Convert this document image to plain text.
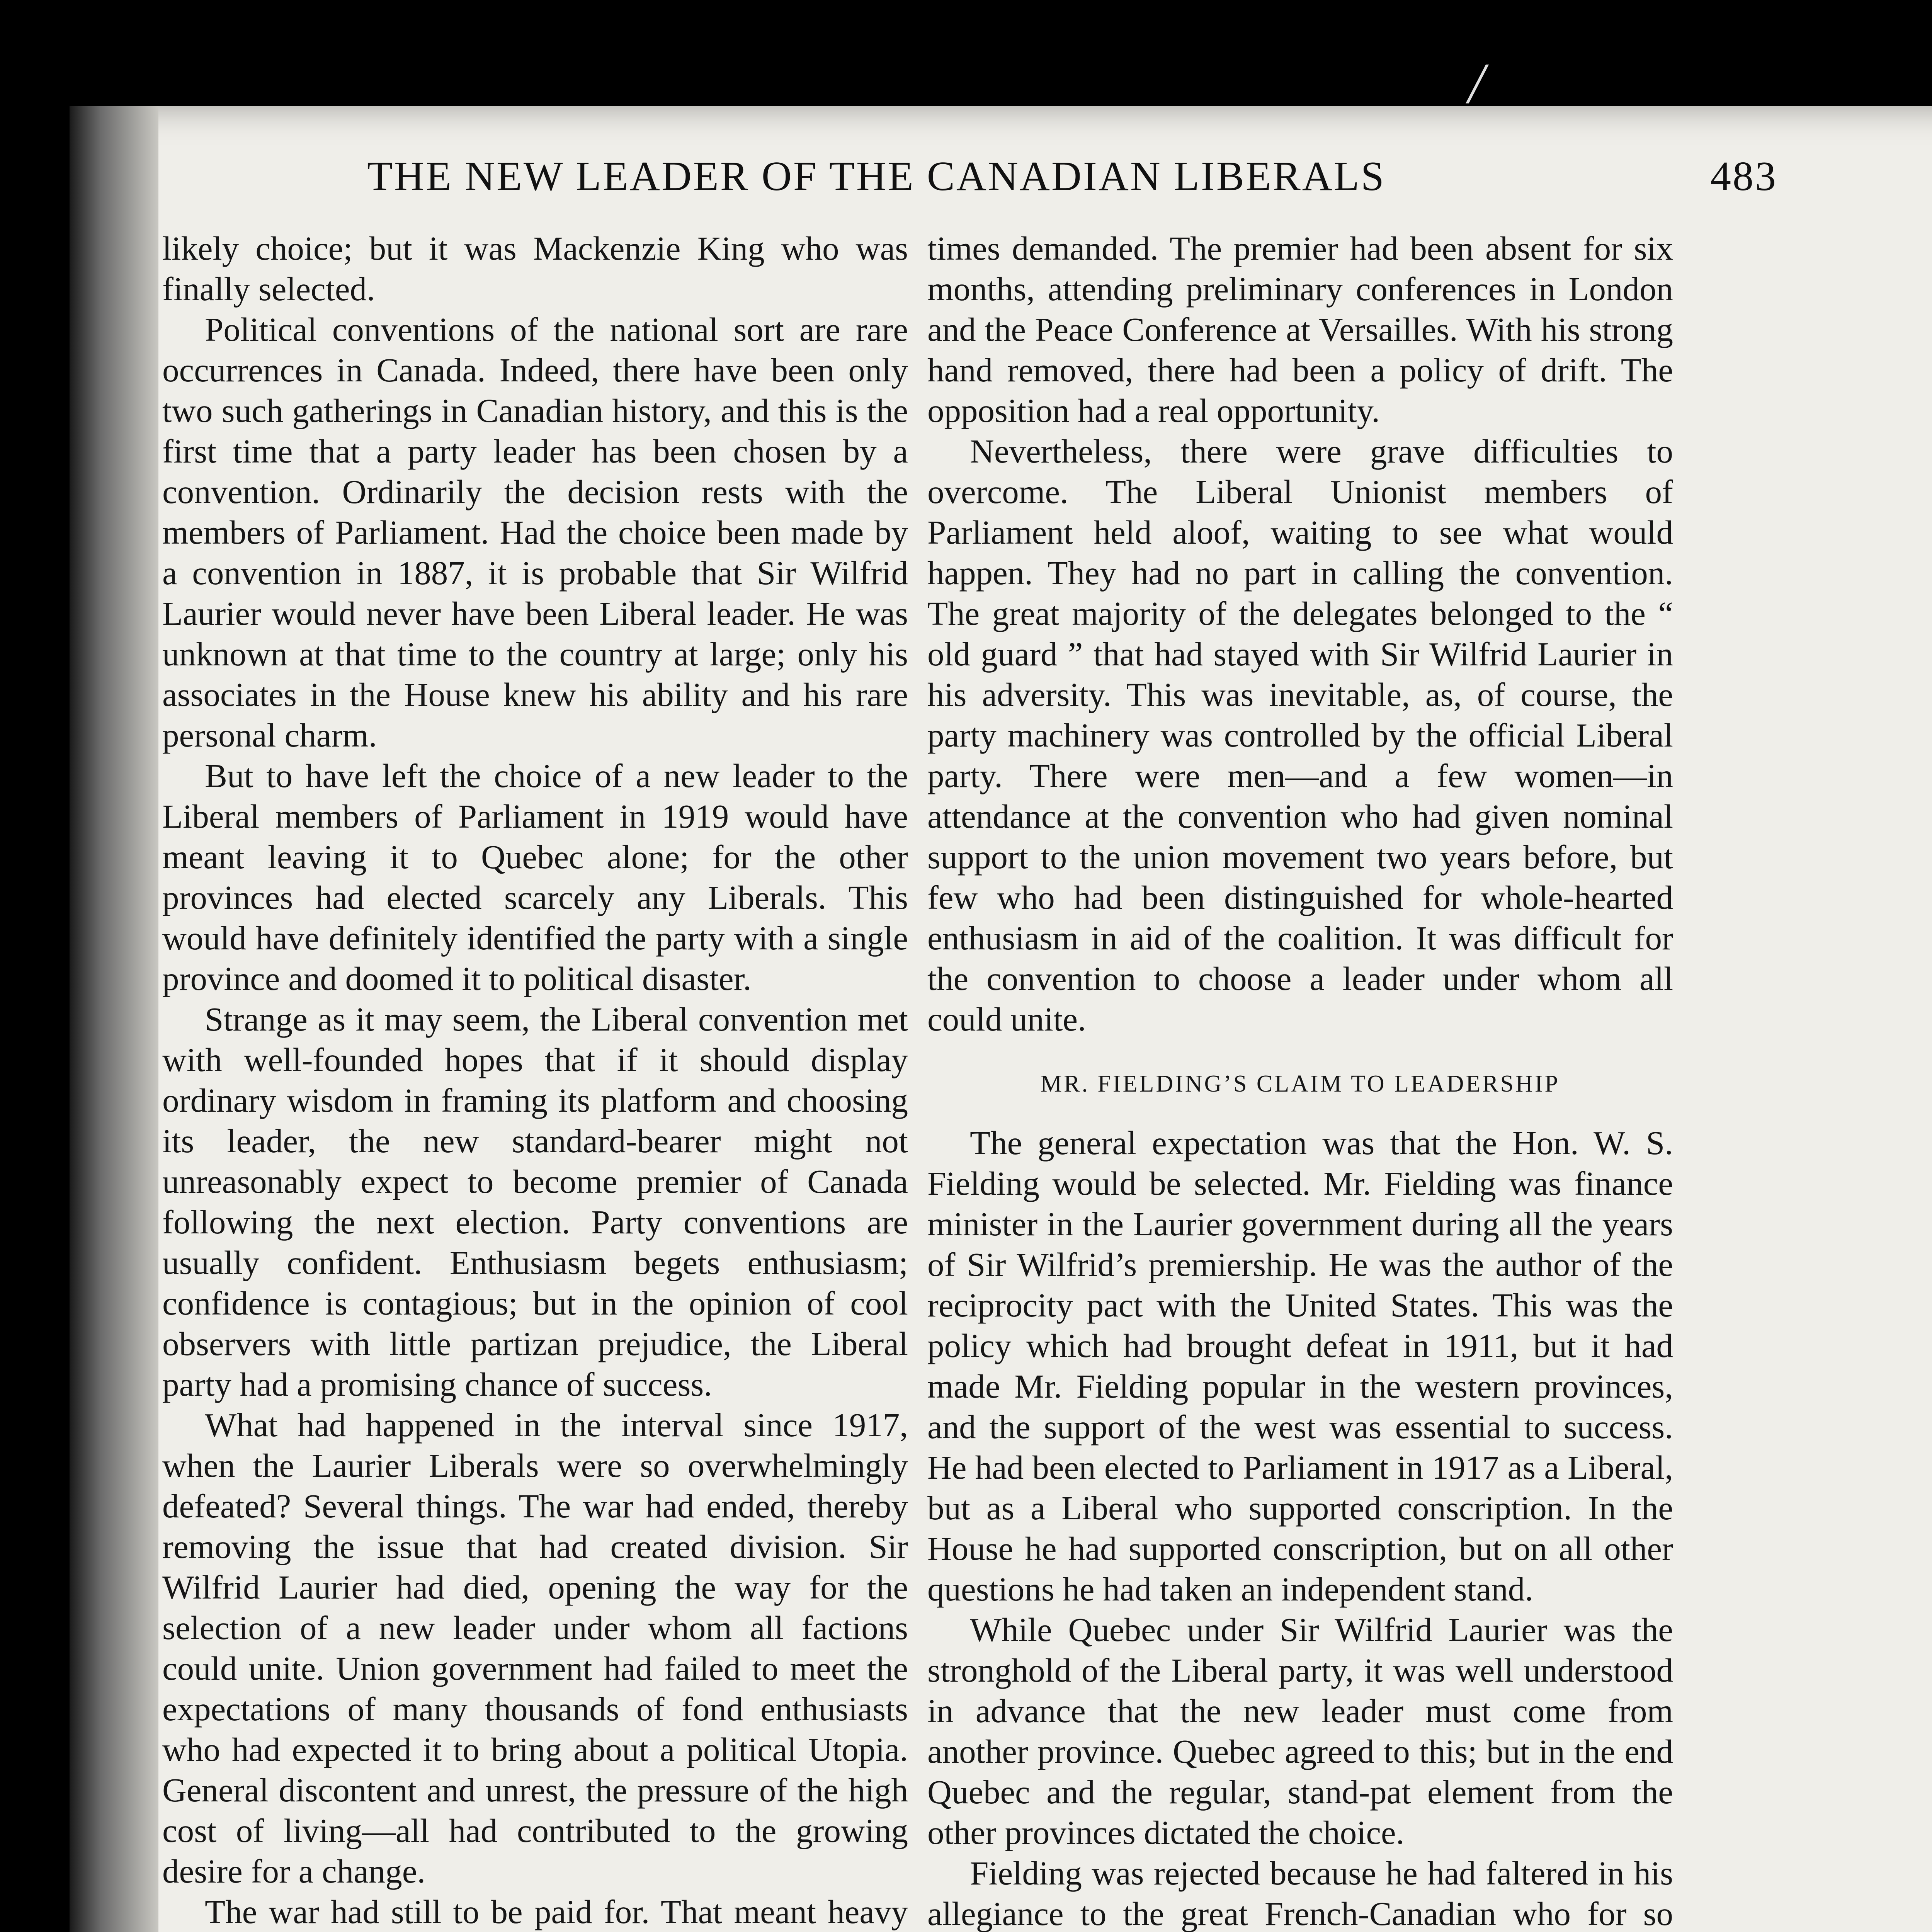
/
THE NEW LEADER OF THE CANADIAN LIBERALS	483

likely choice; but it was Mackenzie King who was finally selected.

Political conventions of the national sort are rare occurrences in Canada. Indeed, there have been only two such gatherings in Canadian history, and this is the first time that a party leader has been chosen by a convention. Ordinarily the decision rests with the members of Parliament. Had the choice been made by a convention in 1887, it is probable that Sir Wilfrid Laurier would never have been Liberal leader. He was unknown at that time to the country at large; only his associates in the House knew his ability and his rare personal charm.

But to have left the choice of a new leader to the Liberal members of Parliament in 1919 would have meant leaving it to Quebec alone; for the other provinces had elected scarcely any Liberals. This would have definitely identified the party with a single province and doomed it to political disaster.

Strange as it may seem, the Liberal convention met with well-founded hopes that if it should display ordinary wisdom in framing its platform and choosing its leader, the new standard-bearer might not unreasonably expect to become premier of Canada following the next election. Party conventions are usually confident. Enthusiasm begets enthusiasm; confidence is contagious; but in the opinion of cool observers with little partizan prejudice, the Liberal party had a promising chance of success.

What had happened in the interval since 1917, when the Laurier Liberals were so overwhelmingly defeated? Several things. The war had ended, thereby removing the issue that had created division. Sir Wilfrid Laurier had died, opening the way for the selection of a new leader under whom all factions could unite. Union government had failed to meet the expectations of many thousands of fond enthusiasts who had expected it to bring about a political Utopia. General discontent and unrest, the pressure of the high cost of living—all had contributed to the growing desire for a change.

The war had still to be paid for. That meant heavy

times demanded. The premier had been absent for six months, attending preliminary conferences in London and the Peace Conference at Versailles. With his strong hand removed, there had been a policy of drift. The opposition had a real opportunity.

Nevertheless, there were grave difficulties to overcome. The Liberal Unionist members of Parliament held aloof, waiting to see what would happen. They had no part in calling the convention. The great majority of the delegates belonged to the “ old guard ” that had stayed with Sir Wilfrid Laurier in his adversity. This was inevitable, as, of course, the party machinery was controlled by the official Liberal party. There were men—and a few women—in attendance at the convention who had given nominal support to the union movement two years before, but few who had been distinguished for whole-hearted enthusiasm in aid of the coalition. It was difficult for the convention to choose a leader under whom all could unite.

MR. FIELDING’S CLAIM TO LEADERSHIP

The general expectation was that the Hon. W. S. Fielding would be selected. Mr. Fielding was finance minister in the Laurier government during all the years of Sir Wilfrid’s premiership. He was the author of the reciprocity pact with the United States. This was the policy which had brought defeat in 1911, but it had made Mr. Fielding popular in the western provinces, and the support of the west was essential to success. He had been elected to Parliament in 1917 as a Liberal, but as a Liberal who supported conscription. In the House he had supported conscription, but on all other questions he had taken an independent stand.

While Quebec under Sir Wilfrid Laurier was the stronghold of the Liberal party, it was well understood in advance that the new leader must come from another province. Quebec agreed to this; but in the end Quebec and the regular, stand-pat element from the other provinces dictated the choice.

Fielding was rejected because he had faltered in his allegiance to the great French-Canadian who for so
